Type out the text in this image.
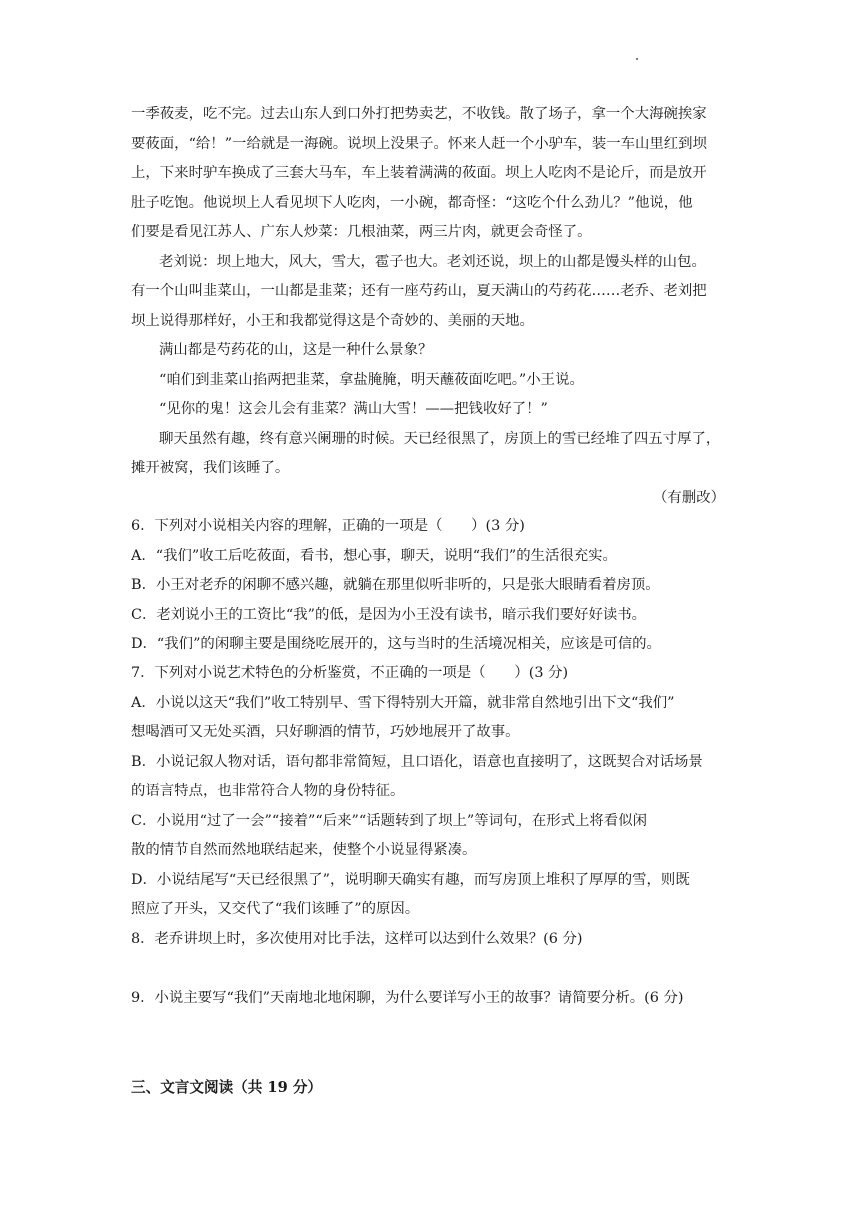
一季莜麦，吃不完。过去山东人到口外打把势卖艺，不收钱。散了场子，拿一个大海碗挨家
要莜面，“给！”一给就是一海碗。说坝上没果子。怀来人赶一个小驴车，装一车山里红到坝
上，下来时驴车换成了三套大马车，车上装着满满的莜面。坝上人吃肉不是论斤，而是放开
肚子吃饱。他说坝上人看见坝下人吃肉，一小碗，都奇怪：“这吃个什么劲儿？”他说，他
们要是看见江苏人、广东人炒菜：几根油菜，两三片肉，就更会奇怪了。
老刘说：坝上地大，风大，雪大，雹子也大。老刘还说，坝上的山都是馒头样的山包。
有一个山叫韭菜山，一山都是韭菜；还有一座芍药山，夏天满山的芍药花……老乔、老刘把
坝上说得那样好，小王和我都觉得这是个奇妙的、美丽的天地。
满山都是芍药花的山，这是一种什么景象？
“咱们到韭菜山掐两把韭菜，拿盐腌腌，明天蘸莜面吃吧。”小王说。
“见你的鬼！这会儿会有韭菜？满山大雪！——把钱收好了！”
聊天虽然有趣，终有意兴阑珊的时候。天已经很黑了，房顶上的雪已经堆了四五寸厚了，
摊开被窝，我们该睡了。
（有删改）
6．下列对小说相关内容的理解，正确的一项是（　　）(3 分)
A．“我们”收工后吃莜面，看书，想心事，聊天，说明“我们”的生活很充实。
B．小王对老乔的闲聊不感兴趣，就躺在那里似听非听的，只是张大眼睛看着房顶。
C．老刘说小王的工资比“我”的低，是因为小王没有读书，暗示我们要好好读书。
D．“我们”的闲聊主要是围绕吃展开的，这与当时的生活境况相关，应该是可信的。
7．下列对小说艺术特色的分析鉴赏，不正确的一项是（　　）(3 分)
A．小说以这天“我们”收工特别早、雪下得特别大开篇，就非常自然地引出下文“我们”
想喝酒可又无处买酒，只好聊酒的情节，巧妙地展开了故事。
B．小说记叙人物对话，语句都非常简短，且口语化，语意也直接明了，这既契合对话场景
的语言特点，也非常符合人物的身份特征。
C．小说用“过了一会”“接着”“后来”“话题转到了坝上”等词句，在形式上将看似闲
散的情节自然而然地联结起来，使整个小说显得紧凑。
D．小说结尾写“天已经很黑了”，说明聊天确实有趣，而写房顶上堆积了厚厚的雪，则既
照应了开头，又交代了“我们该睡了”的原因。
8．老乔讲坝上时，多次使用对比手法，这样可以达到什么效果？(6 分)
9．小说主要写“我们”天南地北地闲聊，为什么要详写小王的故事？请简要分析。(6 分)
三、文言文阅读（共 19 分）
